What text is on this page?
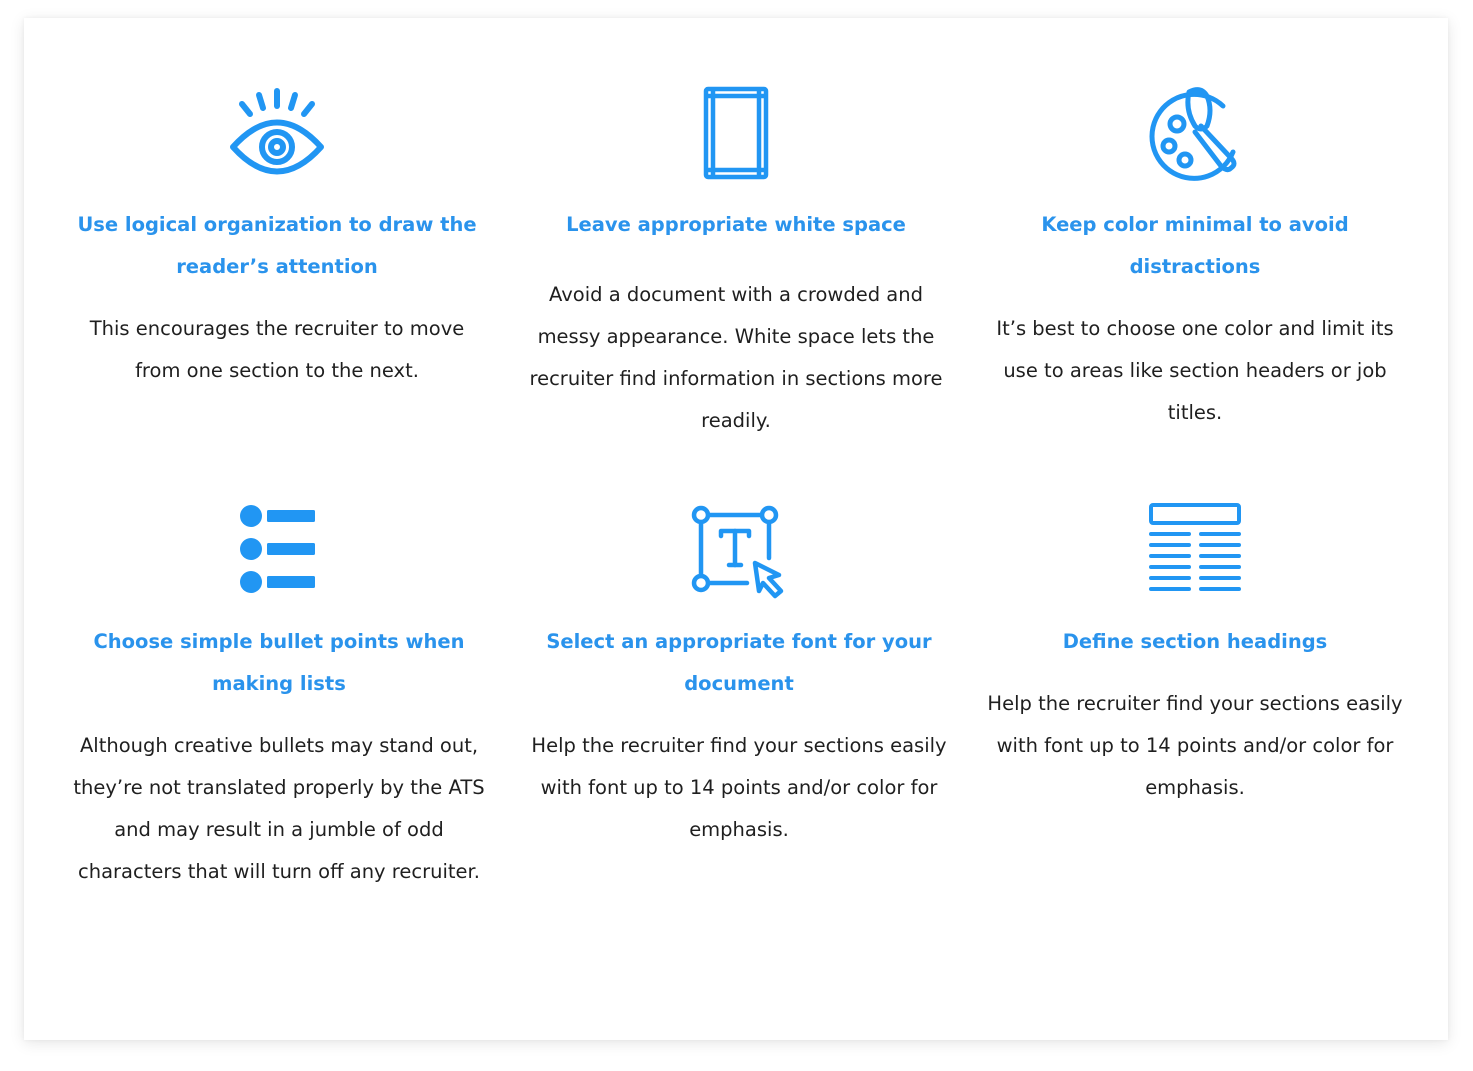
Use logical organization to draw the reader’s attention

This encourages the recruiter to move from one section to the next.

Leave appropriate white space

Avoid a document with a crowded and messy appearance. White space lets the recruiter find information in sections more readily.

Keep color minimal to avoid distractions

It’s best to choose one color and limit its use to areas like section headers or job titles.

Choose simple bullet points when making lists

Although creative bullets may stand out, they’re not translated properly by the ATS and may result in a jumble of odd characters that will turn off any recruiter.

Select an appropriate font for your document

Help the recruiter find your sections easily with font up to 14 points and/or color for emphasis.

Define section headings

Help the recruiter find your sections easily with font up to 14 points and/or color for emphasis.
